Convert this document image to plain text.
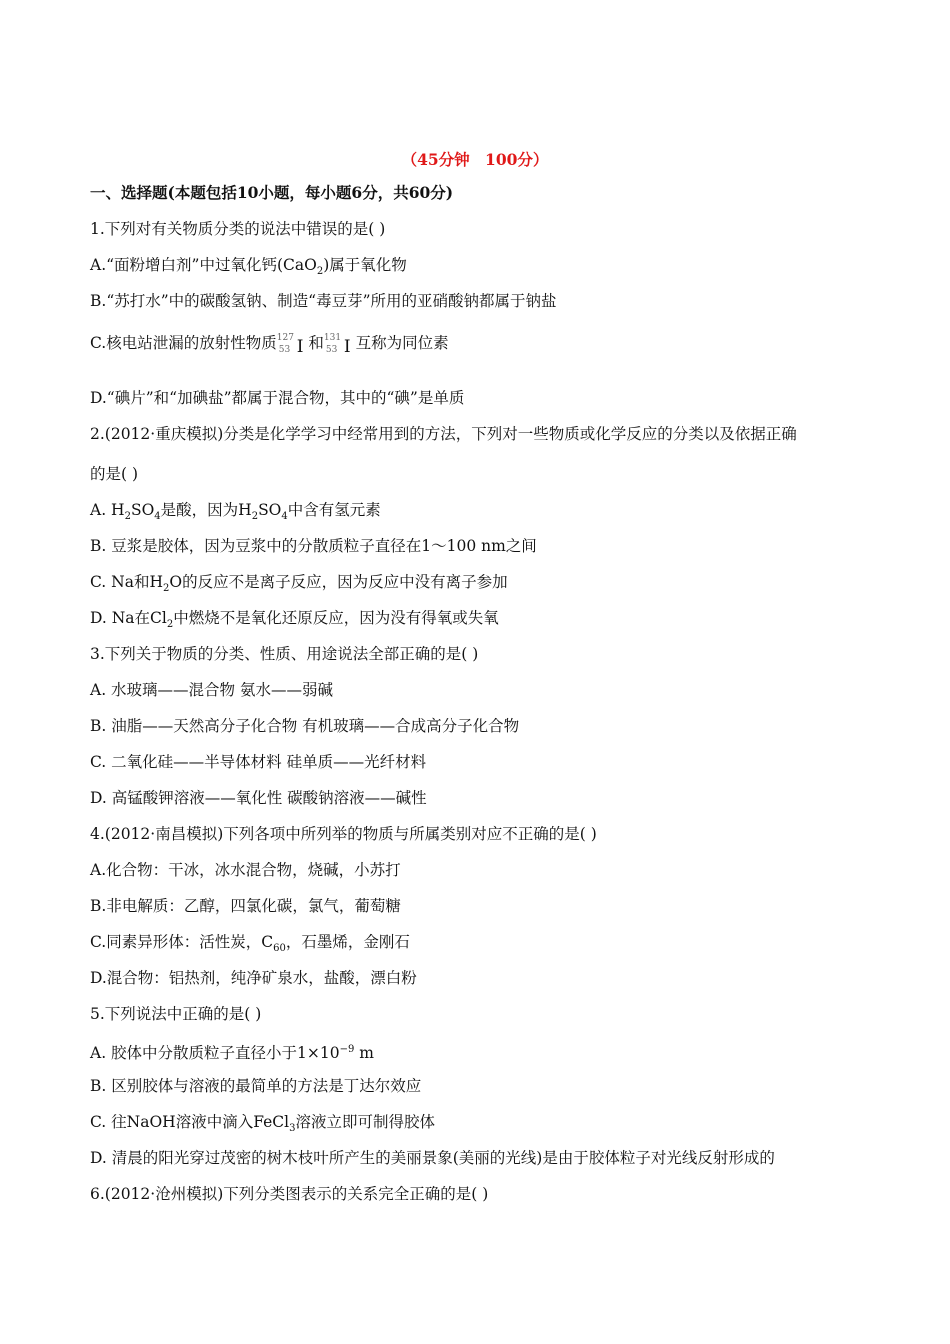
（45分钟 100分）
一、选择题(本题包括10小题，每小题6分，共60分)
1.下列对有关物质分类的说法中错误的是( )
A.“面粉增白剂”中过氧化钙(CaO$_2$)属于氧化物
B.“苏打水”中的碳酸氢钠、制造“毒豆芽”所用的亚硝酸钠都属于钠盐
C.核电站泄漏的放射性物质 127
53 I 和 131
53 I 互称为同位素
D.“碘片”和“加碘盐”都属于混合物，其中的“碘”是单质
2.(2012·重庆模拟)分类是化学学习中经常用到的方法，下列对一些物质或化学反应的分类以及依据正确
的是( )
A. $H_2SO_4$是酸，因为$H_2SO_4$中含有氢元素
B. 豆浆是胶体，因为豆浆中的分散质粒子直径在1～100 nm之间
C. Na和$H_2O$的反应不是离子反应，因为反应中没有离子参加
D. Na在$Cl_2$中燃烧不是氧化还原反应，因为没有得氧或失氧
3.下列关于物质的分类、性质、用途说法全部正确的是( )
A. 水玻璃——混合物 氨水——弱碱
B. 油脂——天然高分子化合物 有机玻璃——合成高分子化合物
C. 二氧化硅——半导体材料 硅单质——光纤材料
D. 高锰酸钾溶液——氧化性 碳酸钠溶液——碱性
4.(2012·南昌模拟)下列各项中所列举的物质与所属类别对应不正确的是( )
A.化合物：干冰，冰水混合物，烧碱，小苏打
B.非电解质：乙醇，四氯化碳，氯气，葡萄糖
C.同素异形体：活性炭，$C_{60}$，石墨烯，金刚石
D.混合物：铝热剂，纯净矿泉水，盐酸，漂白粉
5.下列说法中正确的是( )
A. 胶体中分散质粒子直径小于$1\times 10^{-9}$ m
B. 区别胶体与溶液的最简单的方法是丁达尔效应
C. 往NaOH溶液中滴入FeCl$_3$溶液立即可制得胶体
D. 清晨的阳光穿过茂密的树木枝叶所产生的美丽景象(美丽的光线)是由于胶体粒子对光线反射形成的
6.(2012·沧州模拟)下列分类图表示的关系完全正确的是( )
